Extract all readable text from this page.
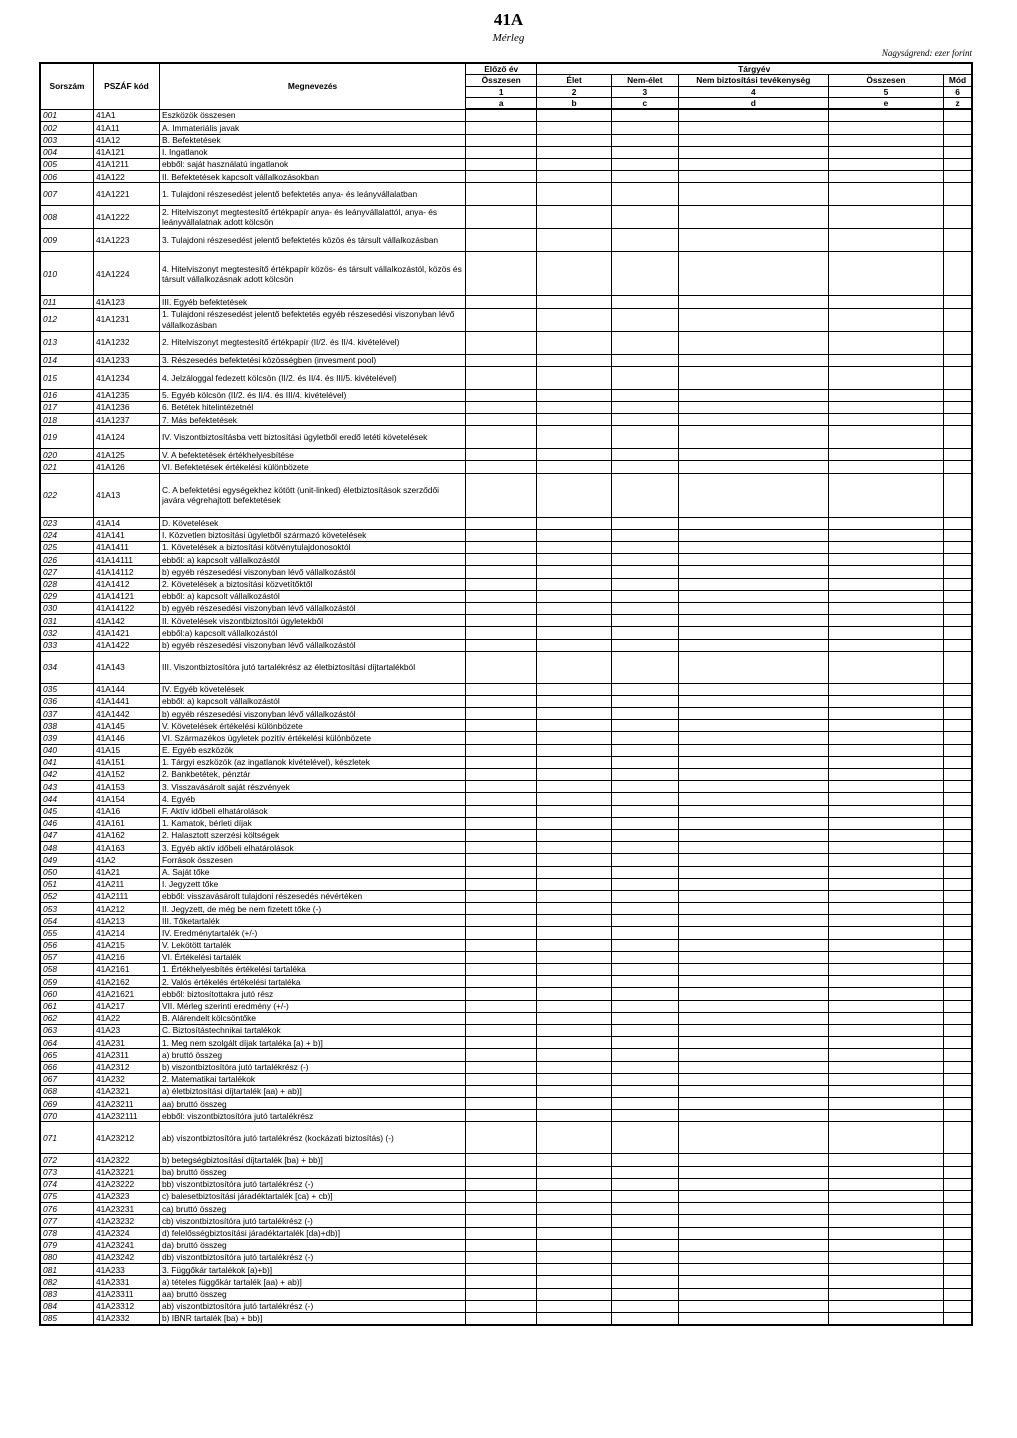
41A
Mérleg
Nagyságrend: ezer forint
Sorszám	PSZÁF kód	Megnevezés	Előző év	Tárgyév				
			Összesen	Élet	Nem-élet	Nem biztosítási tevékenység	Összesen	Mód
			1	2	3	4	5	6
			a	b	c	d	e	z
001	41A1	Eszközök összesen						
002	41A11	A. Immateriális javak						
003	41A12	B. Befektetések						
004	41A121	I. Ingatlanok						
005	41A1211	ebből: saját használatú ingatlanok						
006	41A122	II. Befektetések kapcsolt vállalkozásokban						
007	41A1221	1. Tulajdoni részesedést jelentő befektetés anya- és leányvállalatban						
008	41A1222	2. Hitelviszonyt megtestesítő értékpapír anya- és leányvállalattól, anya- és leányvállalatnak adott kölcsön						
009	41A1223	3. Tulajdoni részesedést jelentő befektetés közös és társult vállalkozásban						
010	41A1224	4. Hitelviszonyt megtestesítő értékpapír közös- és társult vállalkozástól, közös és társult vállalkozásnak adott kölcsön						
011	41A123	III. Egyéb befektetések						
012	41A1231	1. Tulajdoni részesedést jelentő befektetés egyéb részesedési viszonyban lévő vállalkozásban						
013	41A1232	2. Hitelviszonyt megtestesítő értékpapír (II/2. és II/4. kivételével)						
014	41A1233	3. Részesedés befektetési közösségben (invesment pool)						
015	41A1234	4. Jelzáloggal fedezett kölcsön (II/2. és II/4. és III/5. kivételével)						
016	41A1235	5. Egyéb kölcsön (II/2. és II/4. és III/4. kivételével)						
017	41A1236	6. Betétek hitelintézetnél						
018	41A1237	7. Más befektetések						
019	41A124	IV. Viszontbiztosításba vett biztosítási ügyletből eredő letéti követelések						
020	41A125	V. A befektetések értékhelyesbítése						
021	41A126	VI. Befektetések értékelési különbözete						
022	41A13	C. A befektetési egységekhez kötött (unit-linked) életbiztosítások szerződői javára végrehajtott befektetések						
023	41A14	D. Követelések						
024	41A141	I. Közvetlen biztosítási ügyletből származó követelések						
025	41A1411	1. Követelések a biztosítási kötvénytulajdonosoktól						
026	41A14111	ebből: a) kapcsolt vállalkozástól						
027	41A14112	b) egyéb részesedési viszonyban lévő vállalkozástól						
028	41A1412	2. Követelések a biztosítási közvetítőktől						
029	41A14121	ebből: a) kapcsolt vállalkozástól						
030	41A14122	b) egyéb részesedési viszonyban lévő vállalkozástól						
031	41A142	II. Követelések viszontbiztosítói ügyletekből						
032	41A1421	ebből:a) kapcsolt vállalkozástól						
033	41A1422	b) egyéb részesedési viszonyban lévő vállalkozástól						
034	41A143	III. Viszontbiztosítóra jutó tartalékrész az életbiztosítási díjtartalékból						
035	41A144	IV. Egyéb követelések						
036	41A1441	ebből: a) kapcsolt vállalkozástól						
037	41A1442	b) egyéb részesedési viszonyban lévő vállalkozástól						
038	41A145	V. Követelések értékelési különbözete						
039	41A146	VI. Származékos ügyletek pozitív értékelési különbözete						
040	41A15	E. Egyéb eszközök						
041	41A151	1. Tárgyi eszközök (az ingatlanok kivételével), készletek						
042	41A152	2. Bankbetétek, pénztár						
043	41A153	3. Visszavásárolt saját részvények						
044	41A154	4. Egyéb						
045	41A16	F. Aktív időbeli elhatárolások						
046	41A161	1. Kamatok, bérleti díjak						
047	41A162	2. Halasztott szerzési költségek						
048	41A163	3. Egyéb aktív időbeli elhatárolások						
049	41A2	Források összesen						
050	41A21	A. Saját tőke						
051	41A211	I. Jegyzett tőke						
052	41A2111	ebből: visszavásárolt tulajdoni részesedés névértéken						
053	41A212	II. Jegyzett, de még be nem fizetett tőke (-)						
054	41A213	III. Tőketartalék						
055	41A214	IV. Eredménytartalék (+/-)						
056	41A215	V. Lekötött tartalék						
057	41A216	VI. Értékelési tartalék						
058	41A2161	1. Értékhelyesbítés értékelési tartaléka						
059	41A2162	2. Valós értékelés értékelési tartaléka						
060	41A21621	ebből: biztosítottakra jutó rész						
061	41A217	VII. Mérleg szerinti eredmény (+/-)						
062	41A22	B. Alárendelt kölcsöntőke						
063	41A23	C. Biztosítástechnikai tartalékok						
064	41A231	1. Meg nem szolgált díjak tartaléka [a) + b)]						
065	41A2311	a) bruttó összeg						
066	41A2312	b) viszontbiztosítóra jutó tartalékrész (-)						
067	41A232	2. Matematikai tartalékok						
068	41A2321	a) életbiztosítási díjtartalék [aa) + ab)]						
069	41A23211	aa) bruttó összeg						
070	41A232111	ebből: viszontbiztosítóra jutó tartalékrész						
071	41A23212	ab) viszontbiztosítóra jutó tartalékrész (kockázati biztosítás) (-)						
072	41A2322	b) betegségbiztosítási díjtartalék [ba) + bb)]						
073	41A23221	ba) bruttó összeg						
074	41A23222	bb) viszontbiztosítóra jutó tartalékrész (-)						
075	41A2323	c) balesetbiztosítási járadéktartalék [ca) + cb)]						
076	41A23231	ca) bruttó összeg						
077	41A23232	cb) viszontbiztosítóra jutó tartalékrész (-)						
078	41A2324	d) felelősségbiztosítási járadéktartalék [da)+db)]						
079	41A23241	da) bruttó összeg						
080	41A23242	db) viszontbiztosítóra jutó tartalékrész (-)						
081	41A233	3. Függőkár tartalékok [a)+b)]						
082	41A2331	a) tételes függőkár tartalék [aa) + ab)]						
083	41A23311	aa) bruttó összeg						
084	41A23312	ab) viszontbiztosítóra jutó tartalékrész (-)						
085	41A2332	b) IBNR tartalék [ba) + bb)]						
